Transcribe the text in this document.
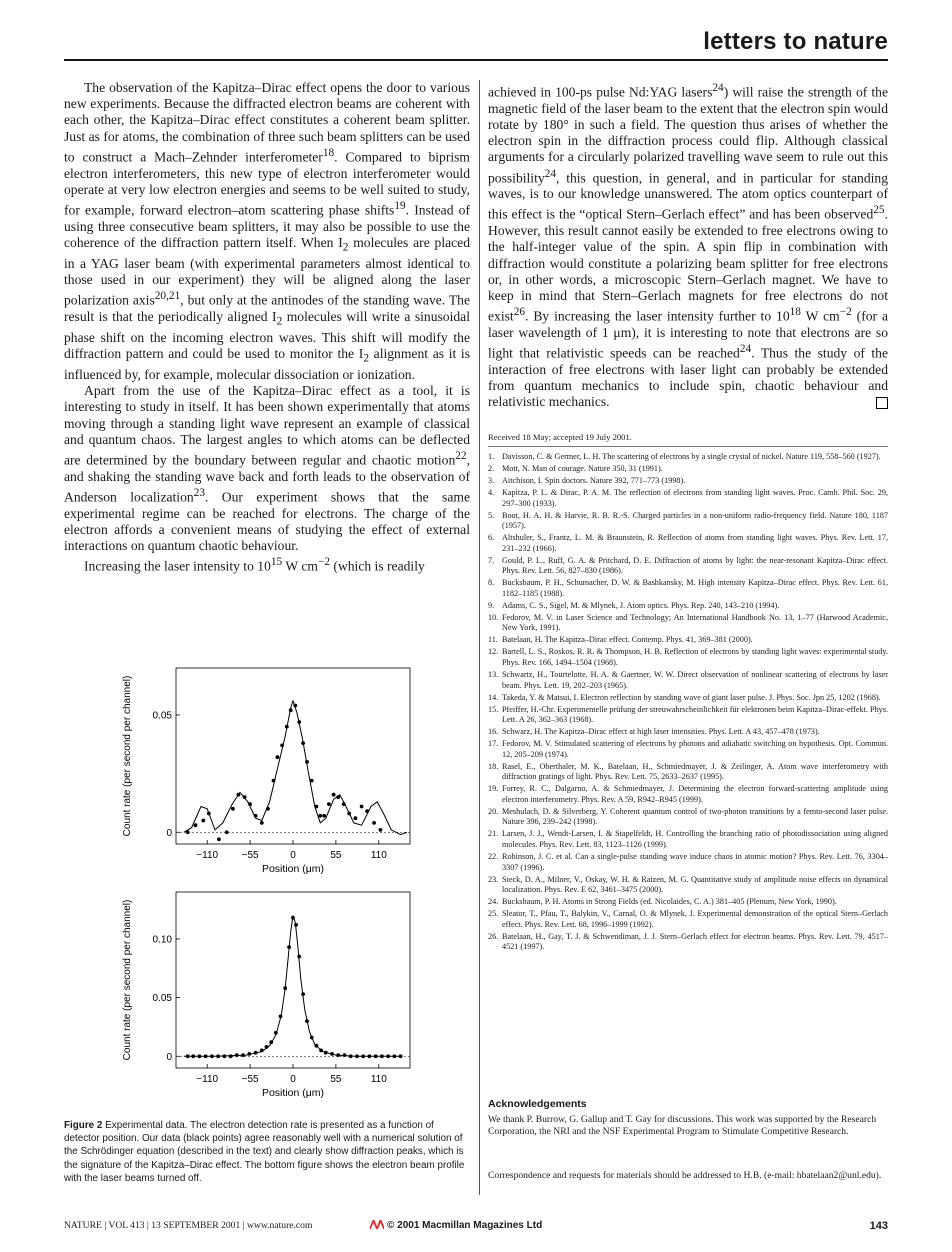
letters to nature

The observation of the Kapitza–Dirac effect opens the door to various new experiments. Because the diffracted electron beams are coherent with each other, the Kapitza–Dirac effect constitutes a coherent beam splitter. Just as for atoms, the combination of three such beam splitters can be used to construct a Mach–Zehnder interferometer$^{18}$. Compared to biprism electron interferometers, this new type of electron interferometer would operate at very low electron energies and seems to be well suited to study, for example, forward electron–atom scattering phase shifts$^{19}$. Instead of using three consecutive beam splitters, it may also be possible to use the coherence of the diffraction pattern itself. When $I_2$ molecules are placed in a YAG laser beam (with experimental parameters almost identical to those used in our experiment) they will be aligned along the laser polarization axis$^{20,21}$, but only at the antinodes of the standing wave. The result is that the periodically aligned $I_2$ molecules will write a sinusoidal phase shift on the incoming electron waves. This shift will modify the diffraction pattern and could be used to monitor the $I_2$ alignment as it is influenced by, for example, molecular dissociation or ionization.

Apart from the use of the Kapitza–Dirac effect as a tool, it is interesting to study in itself. It has been shown experimentally that atoms moving through a standing light wave represent an example of classical and quantum chaos. The largest angles to which atoms can be deflected are determined by the boundary between regular and chaotic motion$^{22}$, and shaking the standing wave back and forth leads to the observation of Anderson localization$^{23}$. Our experiment shows that the same experimental regime can be reached for electrons. The charge of the electron affords a convenient means of studying the effect of external interactions on quantum chaotic behaviour.

Increasing the laser intensity to $10^{15}$ W $cm^{-2}$ (which is readily

achieved in 100-ps pulse Nd:YAG lasers$^{24}$) will raise the strength of the magnetic field of the laser beam to the extent that the electron spin would rotate by 180° in such a field. The question thus arises of whether the electron spin in the diffraction process could flip. Although classical arguments for a circularly polarized travelling wave seem to rule out this possibility$^{24}$, this question, in general, and in particular for standing waves, is to our knowledge unanswered. The atom optics counterpart of this effect is the “optical Stern–Gerlach effect” and has been observed$^{25}$. However, this result cannot easily be extended to free electrons owing to the half-integer value of the spin. A spin flip in combination with diffraction would constitute a polarizing beam splitter for free electrons or, in other words, a microscopic Stern–Gerlach magnet. We have to keep in mind that Stern–Gerlach magnets for free electrons do not exist$^{26}$. By increasing the laser intensity further to $10^{18}$ W $cm^{-2}$ (for a laser wavelength of 1 μm), it is interesting to note that electrons are so light that relativistic speeds can be reached$^{24}$. Thus the study of the interaction of free electrons with laser light can probably be extended from quantum mechanics to include spin, chaotic behaviour and relativistic mechanics.

Received 18 May; accepted 19 July 2001.
1. Davisson, C. & Germer, L. H. The scattering of electrons by a single crystal of nickel. Nature 119, 558–560 (1927).
2. Mott, N. Man of courage. Nature 350, 31 (1991).
3. Aitchison, I. Spin doctors. Nature 392, 771–773 (1998).
4. Kapitza, P. L. & Dirac, P. A. M. The reflection of electrons from standing light waves. Proc. Camb. Phil. Soc. 29, 297–300 (1933).
5. Boot, H. A. H. & Harvie, R. B. R.-S. Charged particles in a non-uniform radio-frequency field. Nature 180, 1187 (1957).
6. Altshuler, S., Frantz, L. M. & Braunstein, R. Reflection of atoms from standing light waves. Phys. Rev. Lett. 17, 231–232 (1966).
7. Gould, P. L., Ruff, G. A. & Pritchard, D. E. Diffraction of atoms by light: the near-resonant Kapitza–Dirac effect. Phys. Rev. Lett. 56, 827–830 (1986).
8. Bucksbaum, P. H., Schumacher, D. W. & Bashkansky, M. High intensity Kapitza–Dirac effect. Phys. Rev. Lett. 61, 1182–1185 (1988).
9. Adams, C. S., Sigel, M. & Mlynek, J. Atom optics. Phys. Rep. 240, 143–210 (1994).
10. Fedorov, M. V. in Laser Science and Technology; An International Handbook No. 13, 1–77 (Harwood Academic, New York, 1991).
11. Batelaan, H. The Kapitza–Dirac effect. Contemp. Phys. 41, 369–381 (2000).
12. Bartell, L. S., Roskos, R. R. & Thompson, H. B. Reflection of electrons by standing light waves: experimental study. Phys. Rev. 166, 1494–1504 (1968).
13. Schwartz, H., Tourtelotte, H. A. & Gaertner, W. W. Direct observation of nonlinear scattering of electrons by laser beam. Phys. Lett. 19, 202–203 (1965).
14. Takeda, Y. & Matsui, I. Electron reflection by standing wave of giant laser pulse. J. Phys. Soc. Jpn 25, 1202 (1968).
15. Pfeiffer, H.-Chr. Experimentelle prüfung der streuwahrscheinlichkeit für elektronen beim Kapitza–Dirac-effekt. Phys. Lett. A 26, 362–363 (1968).
16. Schwarz, H. The Kapitza–Dirac effect at high laser intensities. Phys. Lett. A 43, 457–478 (1973).
17. Fedorov, M. V. Stimulated scattering of electrons by photons and adiabatic switching on hypothesis. Opt. Commun. 12, 205–209 (1974).
18. Rasel, E., Oberthaler, M. K., Batelaan, H., Schmiedmayer, J. & Zeilinger, A. Atom wave interferometry with diffraction gratings of light. Phys. Rev. Lett. 75, 2633–2637 (1995).
19. Forrey, R. C., Dalgarno, A. & Schmiedmayer, J. Determining the electron forward-scattering amplitude using electron interferometry. Phys. Rev. A 59, R942–R945 (1999).
20. Meshulach, D. & Silverberg, Y. Coherent quantum control of two-photon transitions by a femto-second laser pulse. Nature 396, 239–242 (1998).
21. Larsen, J. J., Wendt-Larsen, I. & Stapelfeldt, H. Controlling the branching ratio of photodissociation using aligned molecules. Phys. Rev. Lett. 83, 1123–1126 (1999).
22. Robinson, J. C. et al. Can a single-pulse standing wave induce chaos in atomic motion? Phys. Rev. Lett. 76, 3304–3307 (1996).
23. Steck, D. A., Milner, V., Oskay, W. H. & Raizen, M. G. Quantitative study of amplitude noise effects on dynamical localization. Phys. Rev. E 62, 3461–3475 (2000).
24. Bucksbaum, P. H. Atoms in Strong Fields (ed. Nicolaides, C. A.) 381–405 (Plenum, New York, 1990).
25. Sleator, T., Pfau, T., Balykin, V., Carnal, O. & Mlynek, J. Experimental demonstration of the optical Stern–Gerlach effect. Phys. Rev. Lett. 68, 1996–1999 (1992).
26. Batelaan, H., Gay, T. J. & Schwendiman, J. J. Stern–Gerlach effect for electron beams. Phys. Rev. Lett. 79, 4517–4521 (1997).
−110 −55	0	55	110
0
0.05
Position (μm)
Count rate (per second per channel)
−110 −55	0	55	110
0
0.05
0.10
Position (μm)
Count rate (per second per channel)
Figure 2 Experimental data. The electron detection rate is presented as a function of detector position. Our data (black points) agree reasonably well with a numerical solution of the Schrödinger equation (described in the text) and clearly show diffraction peaks, which is the signature of the Kapitza–Dirac effect. The bottom figure shows the electron beam profile with the laser beams turned off.
Acknowledgements
We thank P. Burrow, G. Gallup and T. Gay for discussions. This work was supported by the Research Corporation, the NRI and the NSF Experimental Program to Stimulate Competitive Research.
Correspondence and requests for materials should be addressed to H.B. (e-mail: hbatelaan2@unl.edu).
NATURE | VOL 413 | 13 SEPTEMBER 2001 | www.nature.com	© 2001 Macmillan Magazines Ltd	143
